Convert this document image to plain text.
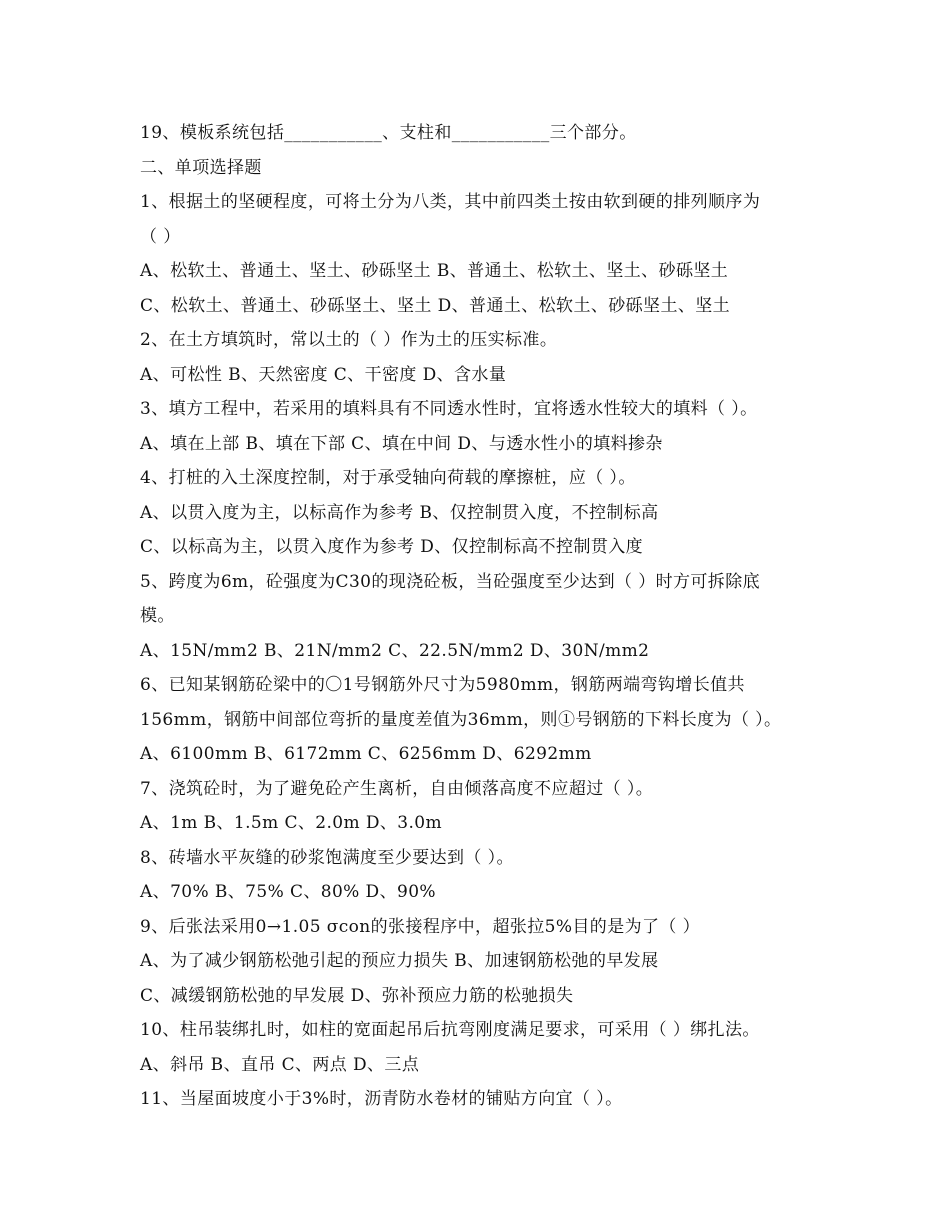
19、模板系统包括___________、支柱和___________三个部分。
二、单项选择题
1、根据土的坚硬程度，可将土分为八类，其中前四类土按由软到硬的排列顺序为
（ ）
A、松软土、普通土、坚土、砂砾坚土 B、普通土、松软土、坚土、砂砾坚土
C、松软土、普通土、砂砾坚土、坚土 D、普通土、松软土、砂砾坚土、坚土
2、在土方填筑时，常以土的（ ）作为土的压实标准。
A、可松性 B、天然密度 C、干密度 D、含水量
3、填方工程中，若采用的填料具有不同透水性时，宜将透水性较大的填料（ ）。
A、填在上部 B、填在下部 C、填在中间 D、与透水性小的填料掺杂
4、打桩的入土深度控制，对于承受轴向荷载的摩擦桩，应（ ）。
A、以贯入度为主，以标高作为参考 B、仅控制贯入度，不控制标高
C、以标高为主，以贯入度作为参考 D、仅控制标高不控制贯入度
5、跨度为6m，砼强度为C30的现浇砼板，当砼强度至少达到（ ）时方可拆除底
模。
A、15N/mm2 B、21N/mm2 C、22.5N/mm2 D、30N/mm2
6、已知某钢筋砼梁中的〇1号钢筋外尺寸为5980mm，钢筋两端弯钩增长值共
156mm，钢筋中间部位弯折的量度差值为36mm，则①号钢筋的下料长度为（ ）。
A、6100mm B、6172mm C、6256mm D、6292mm
7、浇筑砼时，为了避免砼产生离析，自由倾落高度不应超过（ ）。
A、1m B、1.5m C、2.0m D、3.0m
8、砖墙水平灰缝的砂浆饱满度至少要达到（ ）。
A、70% B、75% C、80% D、90%
9、后张法采用0→1.05 σcon的张接程序中，超张拉5%目的是为了（ ）
A、为了减少钢筋松弛引起的预应力损失 B、加速钢筋松弛的早发展
C、减缓钢筋松弛的早发展 D、弥补预应力筋的松驰损失
10、柱吊装绑扎时，如柱的宽面起吊后抗弯刚度满足要求，可采用（ ）绑扎法。
A、斜吊 B、直吊 C、两点 D、三点
11、当屋面坡度小于3%时，沥青防水卷材的铺贴方向宜（ ）。
